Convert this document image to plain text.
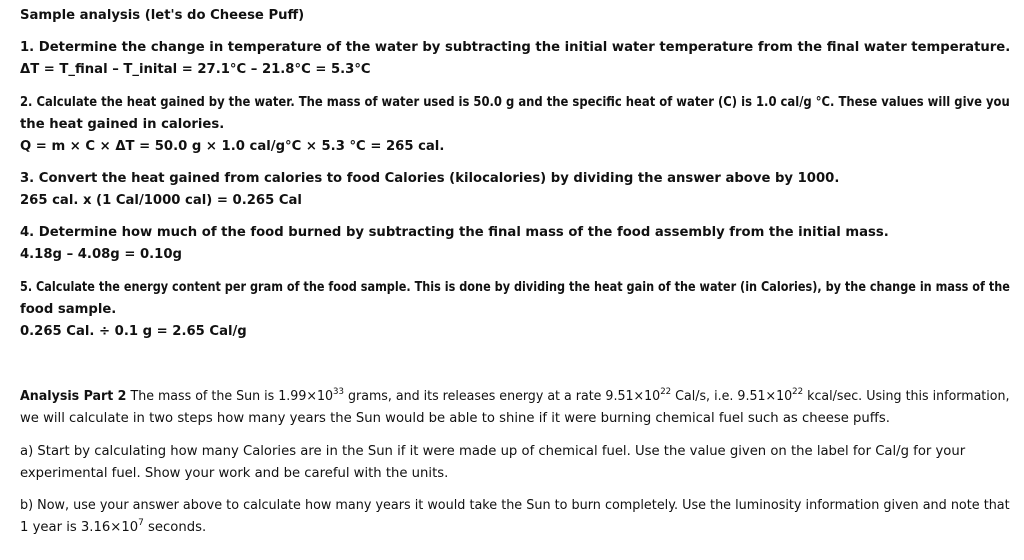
Sample analysis (let's do Cheese Puff)
1. Determine the change in temperature of the water by subtracting the initial water temperature from the final water temperature.
ΔT = T_final – T_inital = 27.1°C – 21.8°C = 5.3°C
2. Calculate the heat gained by the water. The mass of water used is 50.0 g and the specific heat of water (C) is 1.0 cal/g °C. These values will give you
the heat gained in calories.
Q = m × C × ΔT = 50.0 g × 1.0 cal/g°C × 5.3 °C = 265 cal.
3. Convert the heat gained from calories to food Calories (kilocalories) by dividing the answer above by 1000.
265 cal. x (1 Cal/1000 cal) = 0.265 Cal
4. Determine how much of the food burned by subtracting the final mass of the food assembly from the initial mass.
4.18g – 4.08g = 0.10g
5. Calculate the energy content per gram of the food sample. This is done by dividing the heat gain of the water (in Calories), by the change in mass of the
food sample.
0.265 Cal. ÷ 0.1 g = 2.65 Cal/g
Analysis Part 2 The mass of the Sun is $1.99\times 10^{33}$ grams, and its releases energy at a rate $9.51\times 10^{22}$ Cal/s, i.e. $9.51\times 10^{22}$ kcal/sec. Using this information,
we will calculate in two steps how many years the Sun would be able to shine if it were burning chemical fuel such as cheese puffs.
a) Start by calculating how many Calories are in the Sun if it were made up of chemical fuel. Use the value given on the label for Cal/g for your
experimental fuel. Show your work and be careful with the units.
b) Now, use your answer above to calculate how many years it would take the Sun to burn completely. Use the luminosity information given and note that
1 year is $3.16\times 10^7$ seconds.
